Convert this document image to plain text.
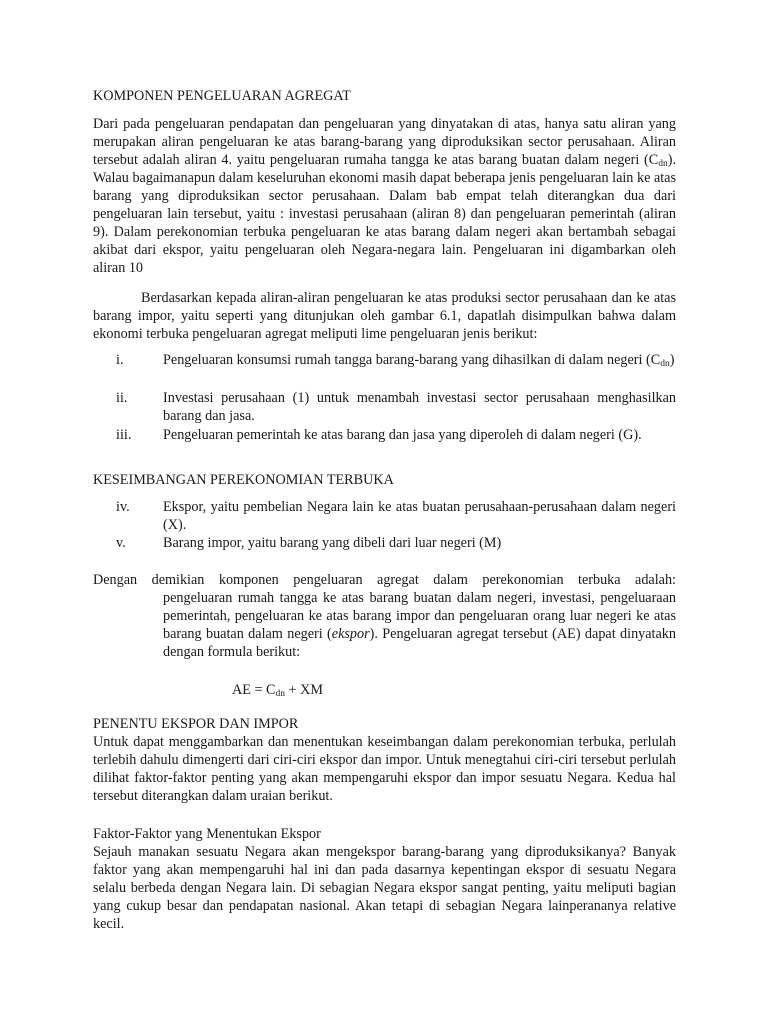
KOMPONEN PENGELUARAN AGREGAT

Dari pada pengeluaran pendapatan dan pengeluaran yang dinyatakan di atas, hanya satu aliran yang merupakan aliran pengeluaran ke atas barang-barang yang diproduksikan sector perusahaan. Aliran tersebut adalah aliran 4. yaitu pengeluaran rumaha tangga ke atas barang buatan dalam negeri $(C_{dn})$. Walau bagaimanapun dalam keseluruhan ekonomi masih dapat beberapa jenis pengeluaran lain ke atas barang yang diproduksikan sector perusahaan. Dalam bab empat telah diterangkan dua dari pengeluaran lain tersebut, yaitu : investasi perusahaan (aliran 8) dan pengeluaran pemerintah (aliran 9). Dalam perekonomian terbuka pengeluaran ke atas barang dalam negeri akan bertambah sebagai akibat dari ekspor, yaitu pengeluaran oleh Negara-negara lain. Pengeluaran ini digambarkan oleh aliran 10

Berdasarkan kepada aliran-aliran pengeluaran ke atas produksi sector perusahaan dan ke atas barang impor, yaitu seperti yang ditunjukan oleh gambar 6.1, dapatlah disimpulkan bahwa dalam ekonomi terbuka pengeluaran agregat meliputi lime pengeluaran jenis berikut:

i.	Pengeluaran konsumsi rumah tangga barang-barang yang dihasilkan di dalam negeri $(C_{dn})$
ii.	Investasi perusahaan (1) untuk menambah investasi sector perusahaan menghasilkan barang dan jasa.
iii. Pengeluaran pemerintah ke atas barang dan jasa yang diperoleh di dalam negeri (G).

KESEIMBANGAN PEREKONOMIAN TERBUKA

iv. Ekspor, yaitu pembelian Negara lain ke atas buatan perusahaan-perusahaan dalam negeri (X).
v.	Barang impor, yaitu barang yang dibeli dari luar negeri (M)
Dengan demikian komponen pengeluaran agregat dalam perekonomian terbuka adalah:
pengeluaran rumah tangga ke atas barang buatan dalam negeri, investasi, pengeluaraan pemerintah, pengeluaran ke atas barang impor dan pengeluaran orang luar negeri ke atas barang buatan dalam negeri (ekspor). Pengeluaran agregat tersebut (AE) dapat dinyatakn dengan formula berikut:

AE = $C_{dn}$ + XM

PENENTU EKSPOR DAN IMPOR

Untuk dapat menggambarkan dan menentukan keseimbangan dalam perekonomian terbuka, perlulah terlebih dahulu dimengerti dari ciri-ciri ekspor dan impor. Untuk menegtahui ciri-ciri tersebut perlulah dilihat faktor-faktor penting yang akan mempengaruhi ekspor dan impor sesuatu Negara. Kedua hal tersebut diterangkan dalam uraian berikut.

Faktor-Faktor yang Menentukan Ekspor

Sejauh manakan sesuatu Negara akan mengekspor barang-barang yang diproduksikanya? Banyak faktor yang akan mempengaruhi hal ini dan pada dasarnya kepentingan ekspor di sesuatu Negara selalu berbeda dengan Negara lain. Di sebagian Negara ekspor sangat penting, yaitu meliputi bagian yang cukup besar dan pendapatan nasional. Akan tetapi di sebagian Negara lainperananya relative kecil.
